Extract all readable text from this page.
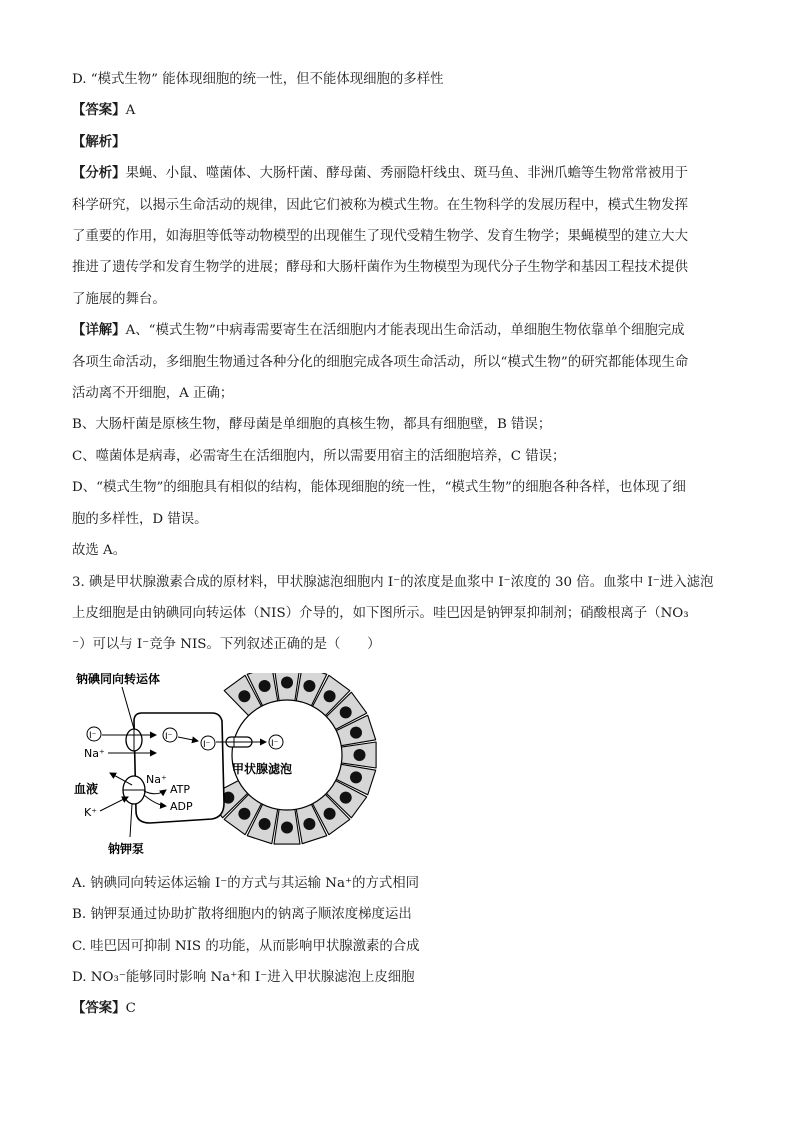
D. “模式生物” 能体现细胞的统一性，但不能体现细胞的多样性
【答案】A
【解析】
【分析】果蝇、小鼠、噬菌体、大肠杆菌、酵母菌、秀丽隐杆线虫、斑马鱼、非洲爪蟾等生物常常被用于
科学研究，以揭示生命活动的规律，因此它们被称为模式生物。在生物科学的发展历程中，模式生物发挥
了重要的作用，如海胆等低等动物模型的出现催生了现代受精生物学、发育生物学；果蝇模型的建立大大
推进了遗传学和发育生物学的进展；酵母和大肠杆菌作为生物模型为现代分子生物学和基因工程技术提供
了施展的舞台。
【详解】A、“模式生物”中病毒需要寄生在活细胞内才能表现出生命活动，单细胞生物依靠单个细胞完成
各项生命活动，多细胞生物通过各种分化的细胞完成各项生命活动，所以“模式生物”的研究都能体现生命
活动离不开细胞，A 正确；
B、大肠杆菌是原核生物，酵母菌是单细胞的真核生物，都具有细胞壁，B 错误；
C、噬菌体是病毒，必需寄生在活细胞内，所以需要用宿主的活细胞培养，C 错误；
D、“模式生物”的细胞具有相似的结构，能体现细胞的统一性，“模式生物”的细胞各种各样，也体现了细
胞的多样性，D 错误。
故选 A。
3. 碘是甲状腺激素合成的原材料，甲状腺滤泡细胞内 I⁻的浓度是血浆中 I⁻浓度的 30 倍。血浆中 I⁻进入滤泡
上皮细胞是由钠碘同向转运体（NIS）介导的，如下图所示。哇巴因是钠钾泵抑制剂；硝酸根离子（NO₃
⁻）可以与 I⁻竞争 NIS。下列叙述正确的是（　　）
钠碘同向转运体
I⁻
Na⁺
I⁻
I⁻	I⁻
甲状腺滤泡
血液
Na⁺
ATP
ADP
K⁺
钠钾泵
A. 钠碘同向转运体运输 I⁻的方式与其运输 Na⁺的方式相同
B. 钠钾泵通过协助扩散将细胞内的钠离子顺浓度梯度运出
C. 哇巴因可抑制 NIS 的功能，从而影响甲状腺激素的合成
D. NO₃⁻能够同时影响 Na⁺和 I⁻进入甲状腺滤泡上皮细胞
【答案】C
